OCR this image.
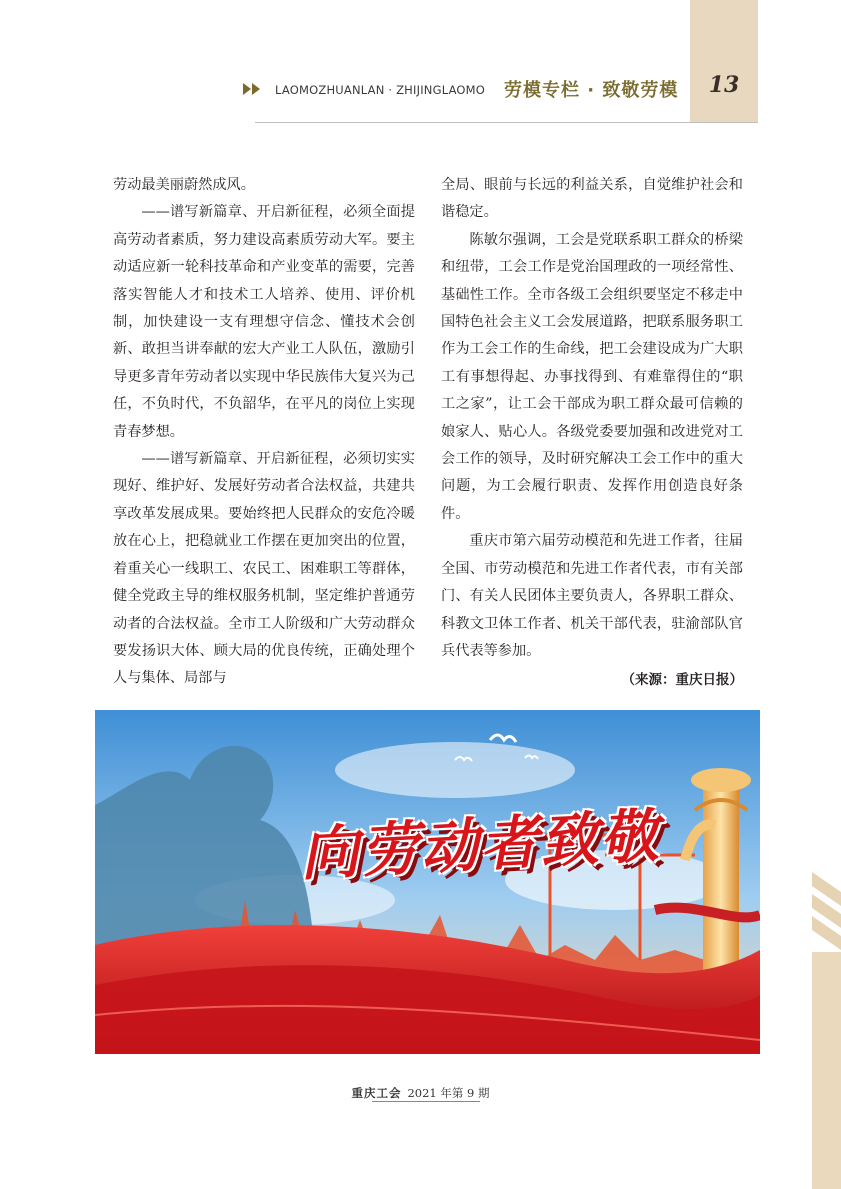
13
LAOMOZHUANLAN · ZHIJINGLAOMO 劳模专栏 · 致敬劳模

劳动最美丽蔚然成风。

——谱写新篇章、开启新征程，必须全面提高劳动者素质，努力建设高素质劳动大军。要主动适应新一轮科技革命和产业变革的需要，完善落实智能人才和技术工人培养、使用、评价机制，加快建设一支有理想守信念、懂技术会创新、敢担当讲奉献的宏大产业工人队伍，激励引导更多青年劳动者以实现中华民族伟大复兴为己任，不负时代，不负韶华，在平凡的岗位上实现青春梦想。

——谱写新篇章、开启新征程，必须切实实现好、维护好、发展好劳动者合法权益，共建共享改革发展成果。要始终把人民群众的安危冷暖放在心上，把稳就业工作摆在更加突出的位置，着重关心一线职工、农民工、困难职工等群体，健全党政主导的维权服务机制，坚定维护普通劳动者的合法权益。全市工人阶级和广大劳动群众要发扬识大体、顾大局的优良传统，正确处理个人与集体、局部与

全局、眼前与长远的利益关系，自觉维护社会和谐稳定。

陈敏尔强调，工会是党联系职工群众的桥梁和纽带，工会工作是党治国理政的一项经常性、基础性工作。全市各级工会组织要坚定不移走中国特色社会主义工会发展道路，把联系服务职工作为工会工作的生命线，把工会建设成为广大职工有事想得起、办事找得到、有难靠得住的“职工之家”，让工会干部成为职工群众最可信赖的娘家人、贴心人。各级党委要加强和改进党对工会工作的领导，及时研究解决工会工作中的重大问题，为工会履行职责、发挥作用创造良好条件。

重庆市第六届劳动模范和先进工作者，往届全国、市劳动模范和先进工作者代表，市有关部门、有关人民团体主要负责人，各界职工群众、科教文卫体工作者、机关干部代表，驻渝部队官兵代表等参加。

（来源：重庆日报）
向劳动者致敬
重庆工会 2021 年第 9 期
